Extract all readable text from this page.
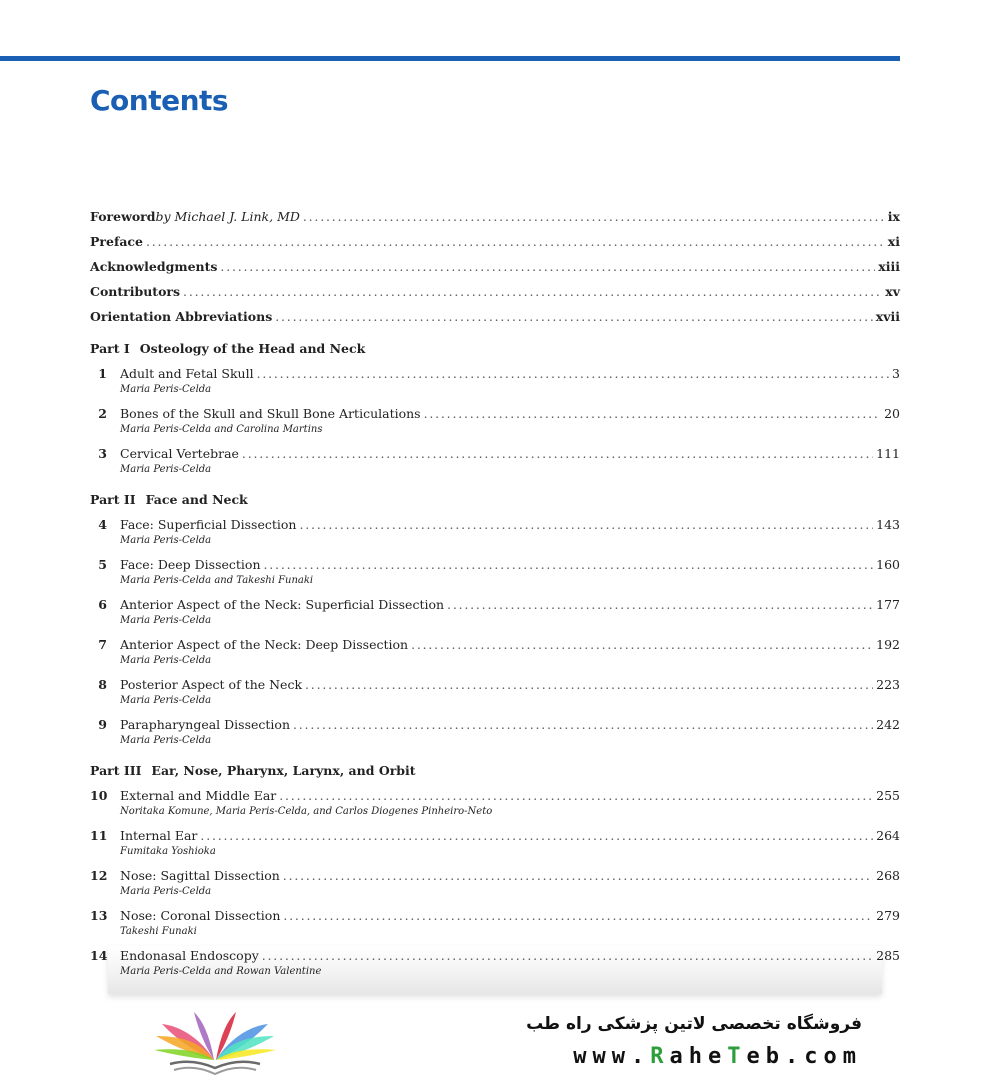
Contents
Foreword by Michael J. Link, MD .....	ix
Preface .....	xi
Acknowledgments .....	xiii
Contributors .....	xv
Orientation Abbreviations .....	xvii
Part I Osteology of the Head and Neck
1 Adult and Fetal Skull .....	3
Maria Peris-Celda
2 Bones of the Skull and Skull Bone Articulations .....	20
Maria Peris-Celda and Carolina Martins
3 Cervical Vertebrae .....	111
Maria Peris-Celda
Part II Face and Neck
4 Face: Superficial Dissection .....	143
Maria Peris-Celda
5 Face: Deep Dissection .....	160
Maria Peris-Celda and Takeshi Funaki
6 Anterior Aspect of the Neck: Superficial Dissection .....	177
Maria Peris-Celda
7 Anterior Aspect of the Neck: Deep Dissection .....	192
Maria Peris-Celda
8 Posterior Aspect of the Neck .....	223
Maria Peris-Celda
9 Parapharyngeal Dissection .....	242
Maria Peris-Celda
Part III Ear, Nose, Pharynx, Larynx, and Orbit
10 External and Middle Ear .....	255
Noritaka Komune, Maria Peris-Celda, and Carlos Diogenes Pinheiro-Neto
11 Internal Ear .....	264
Fumitaka Yoshioka
12 Nose: Sagittal Dissection .....	268
Maria Peris-Celda
13 Nose: Coronal Dissection .....	279
Takeshi Funaki
14 Endonasal Endoscopy .....	285
Maria Peris-Celda and Rowan Valentine
فروشگاه تخصصی لاتین پزشکی راه طب
www.RaheTeb.com
